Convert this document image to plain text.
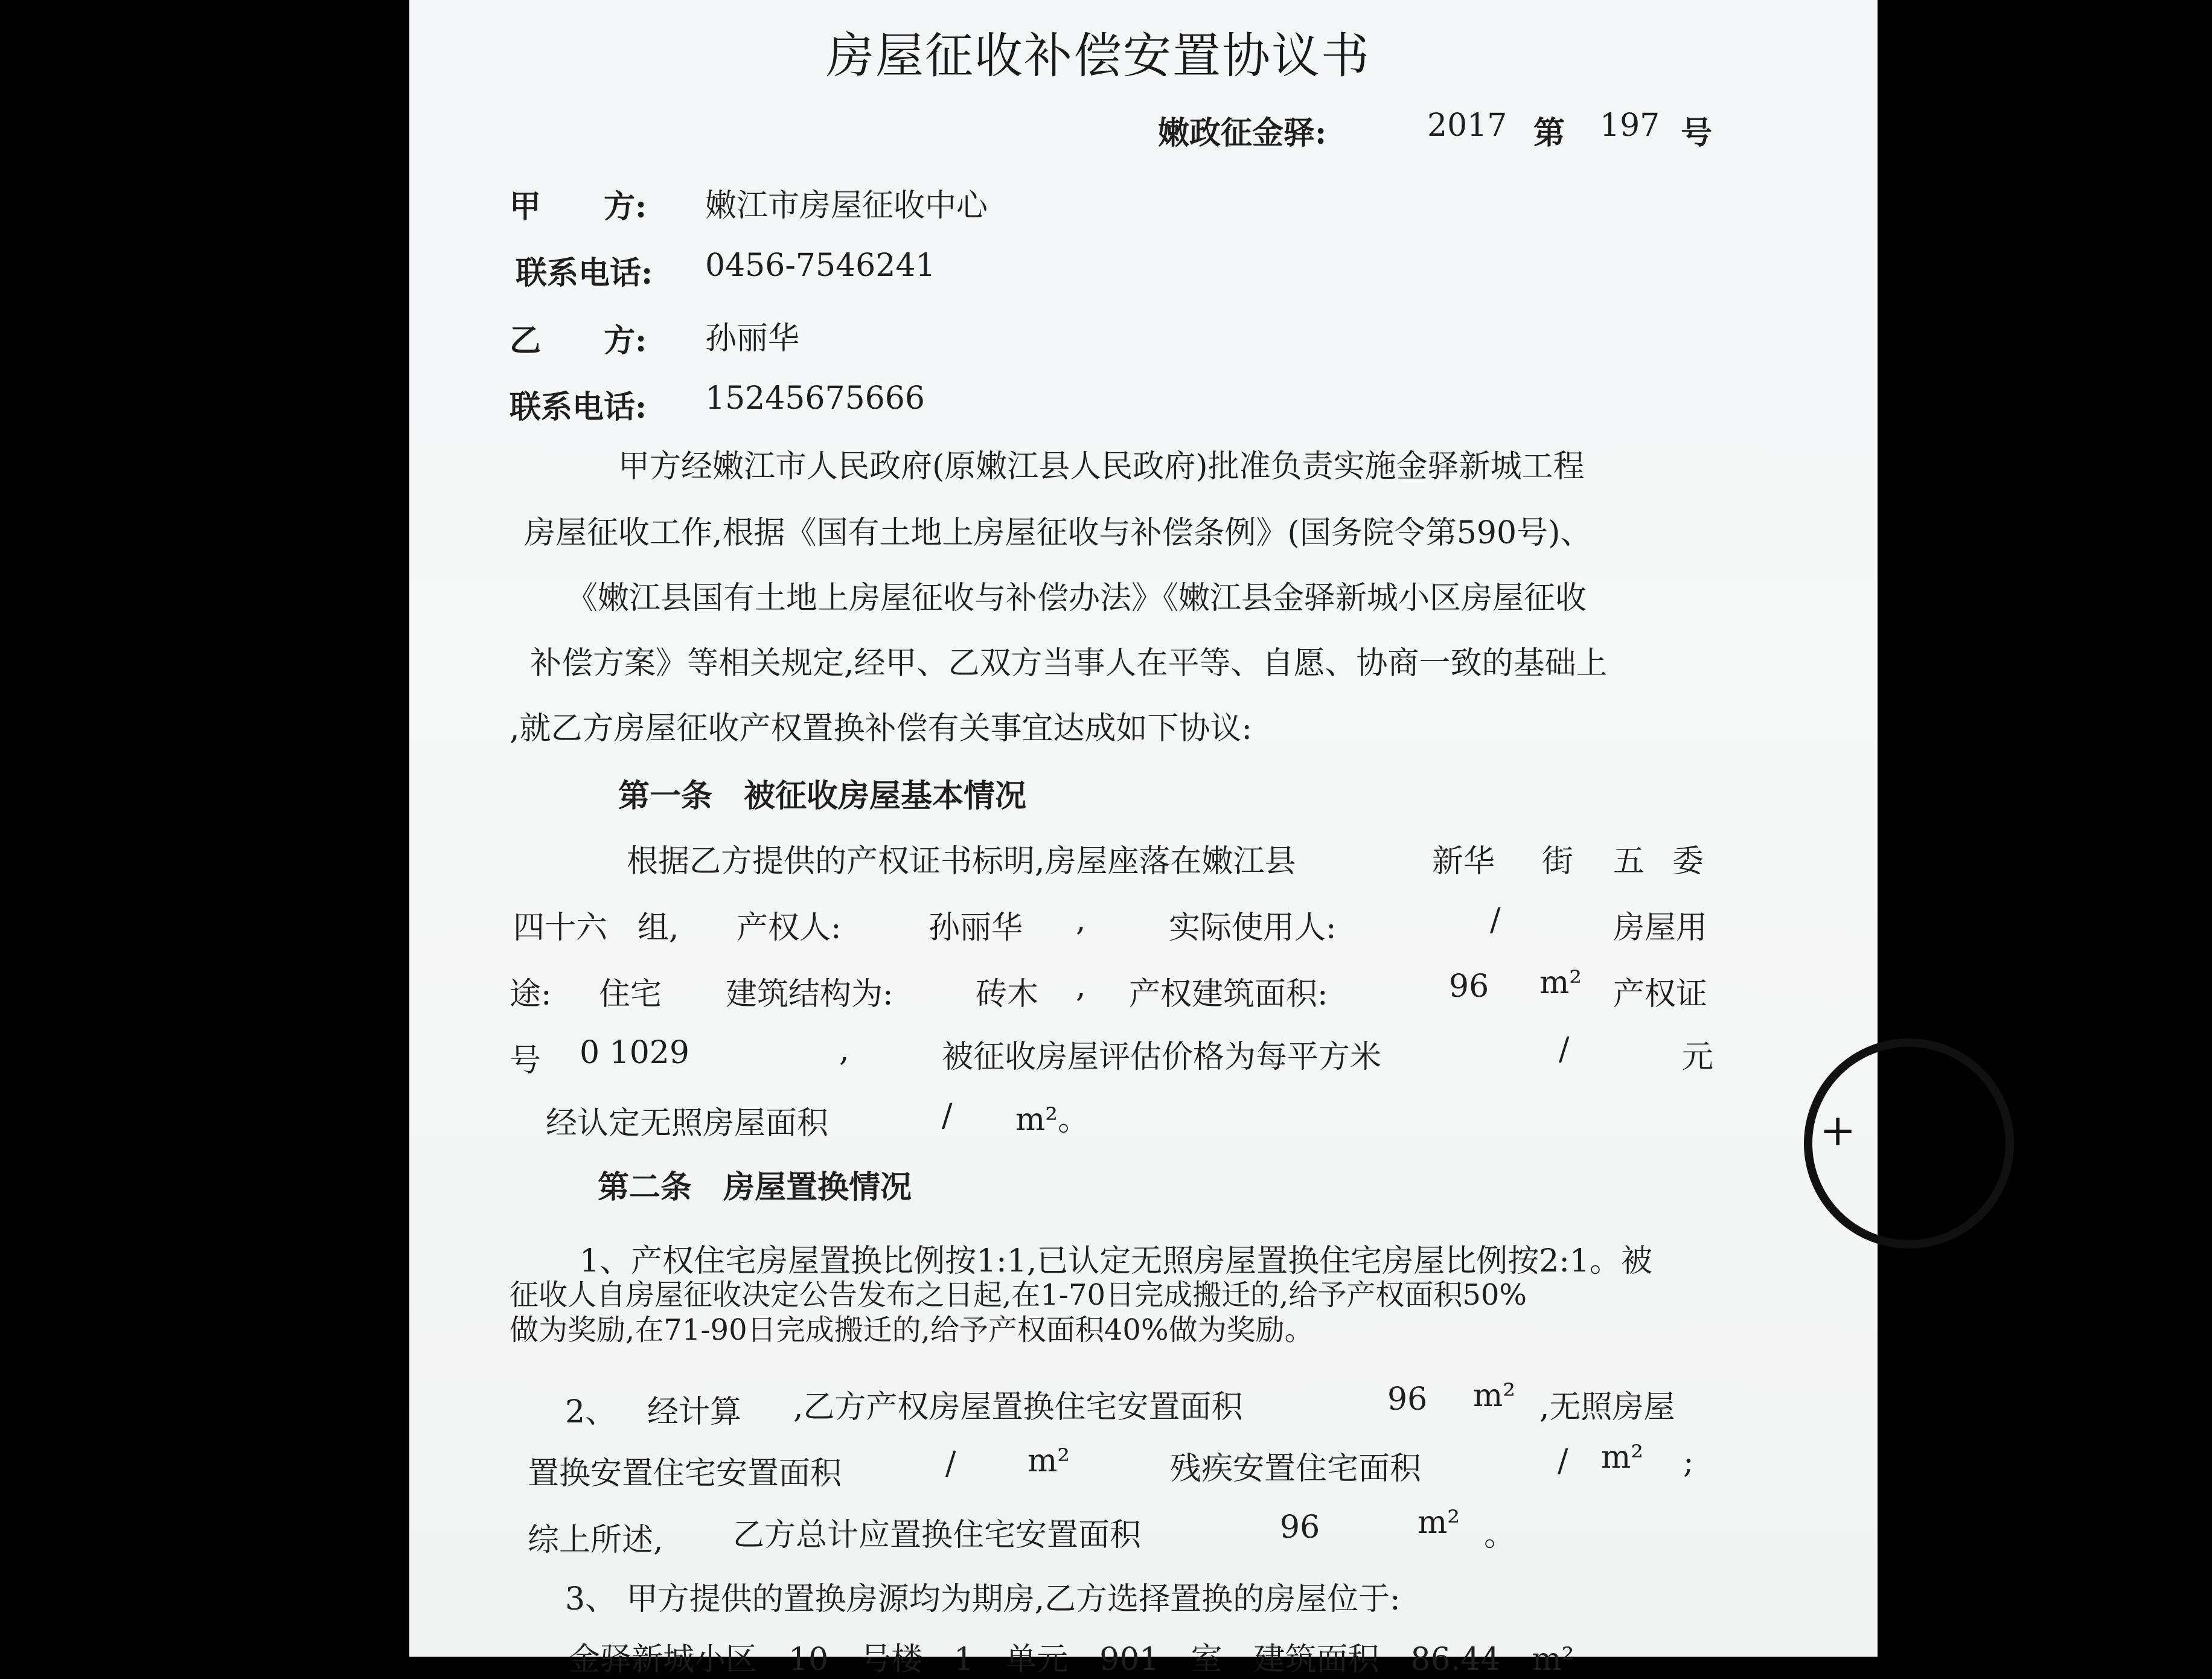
房屋征收补偿安置协议书
嫩政征金驿:	2017 第 197 号
甲　　方: 嫩江市房屋征收中心
联系电话: 0456-7546241
乙　　方: 孙丽华
联系电话: 15245675666
甲方经嫩江市人民政府(原嫩江县人民政府)批准负责实施金驿新城工程
房屋征收工作,根据《国有土地上房屋征收与补偿条例》(国务院令第590号)、
《嫩江县国有土地上房屋征收与补偿办法》《嫩江县金驿新城小区房屋征收
补偿方案》等相关规定,经甲、乙双方当事人在平等、自愿、协商一致的基础上
,就乙方房屋征收产权置换补偿有关事宜达成如下协议:
第一条　被征收房屋基本情况
根据乙方提供的产权证书标明,房屋座落在嫩江县	新华 街 五 委
四十六 组, 产权人:	孙丽华 ,	实际使用人:	/	房屋用
途: 住宅 建筑结构为:	砖木 , 产权建筑面积:	96 m² 产权证
号 0 1029	,	被征收房屋评估价格为每平方米	/	元
经认定无照房屋面积	/ m²。
第二条　房屋置换情况
1、产权住宅房屋置换比例按1:1,已认定无照房屋置换住宅房屋比例按2:1。被
征收人自房屋征收决定公告发布之日起,在1-70日完成搬迁的,给予产权面积50%
做为奖励,在71-90日完成搬迁的,给予产权面积40%做为奖励。
2、 经计算 ,乙方产权房屋置换住宅安置面积	96 m² ,无照房屋
置换安置住宅安置面积	/ m²	残疾安置住宅面积	/ m² ;
综上所述, 乙方总计应置换住宅安置面积	96	m² 。
3、 甲方提供的置换房源均为期房,乙方选择置换的房屋位于:
金驿新城小区　10　号楼　1　单元　901　室　建筑面积　86.44　m²
+
